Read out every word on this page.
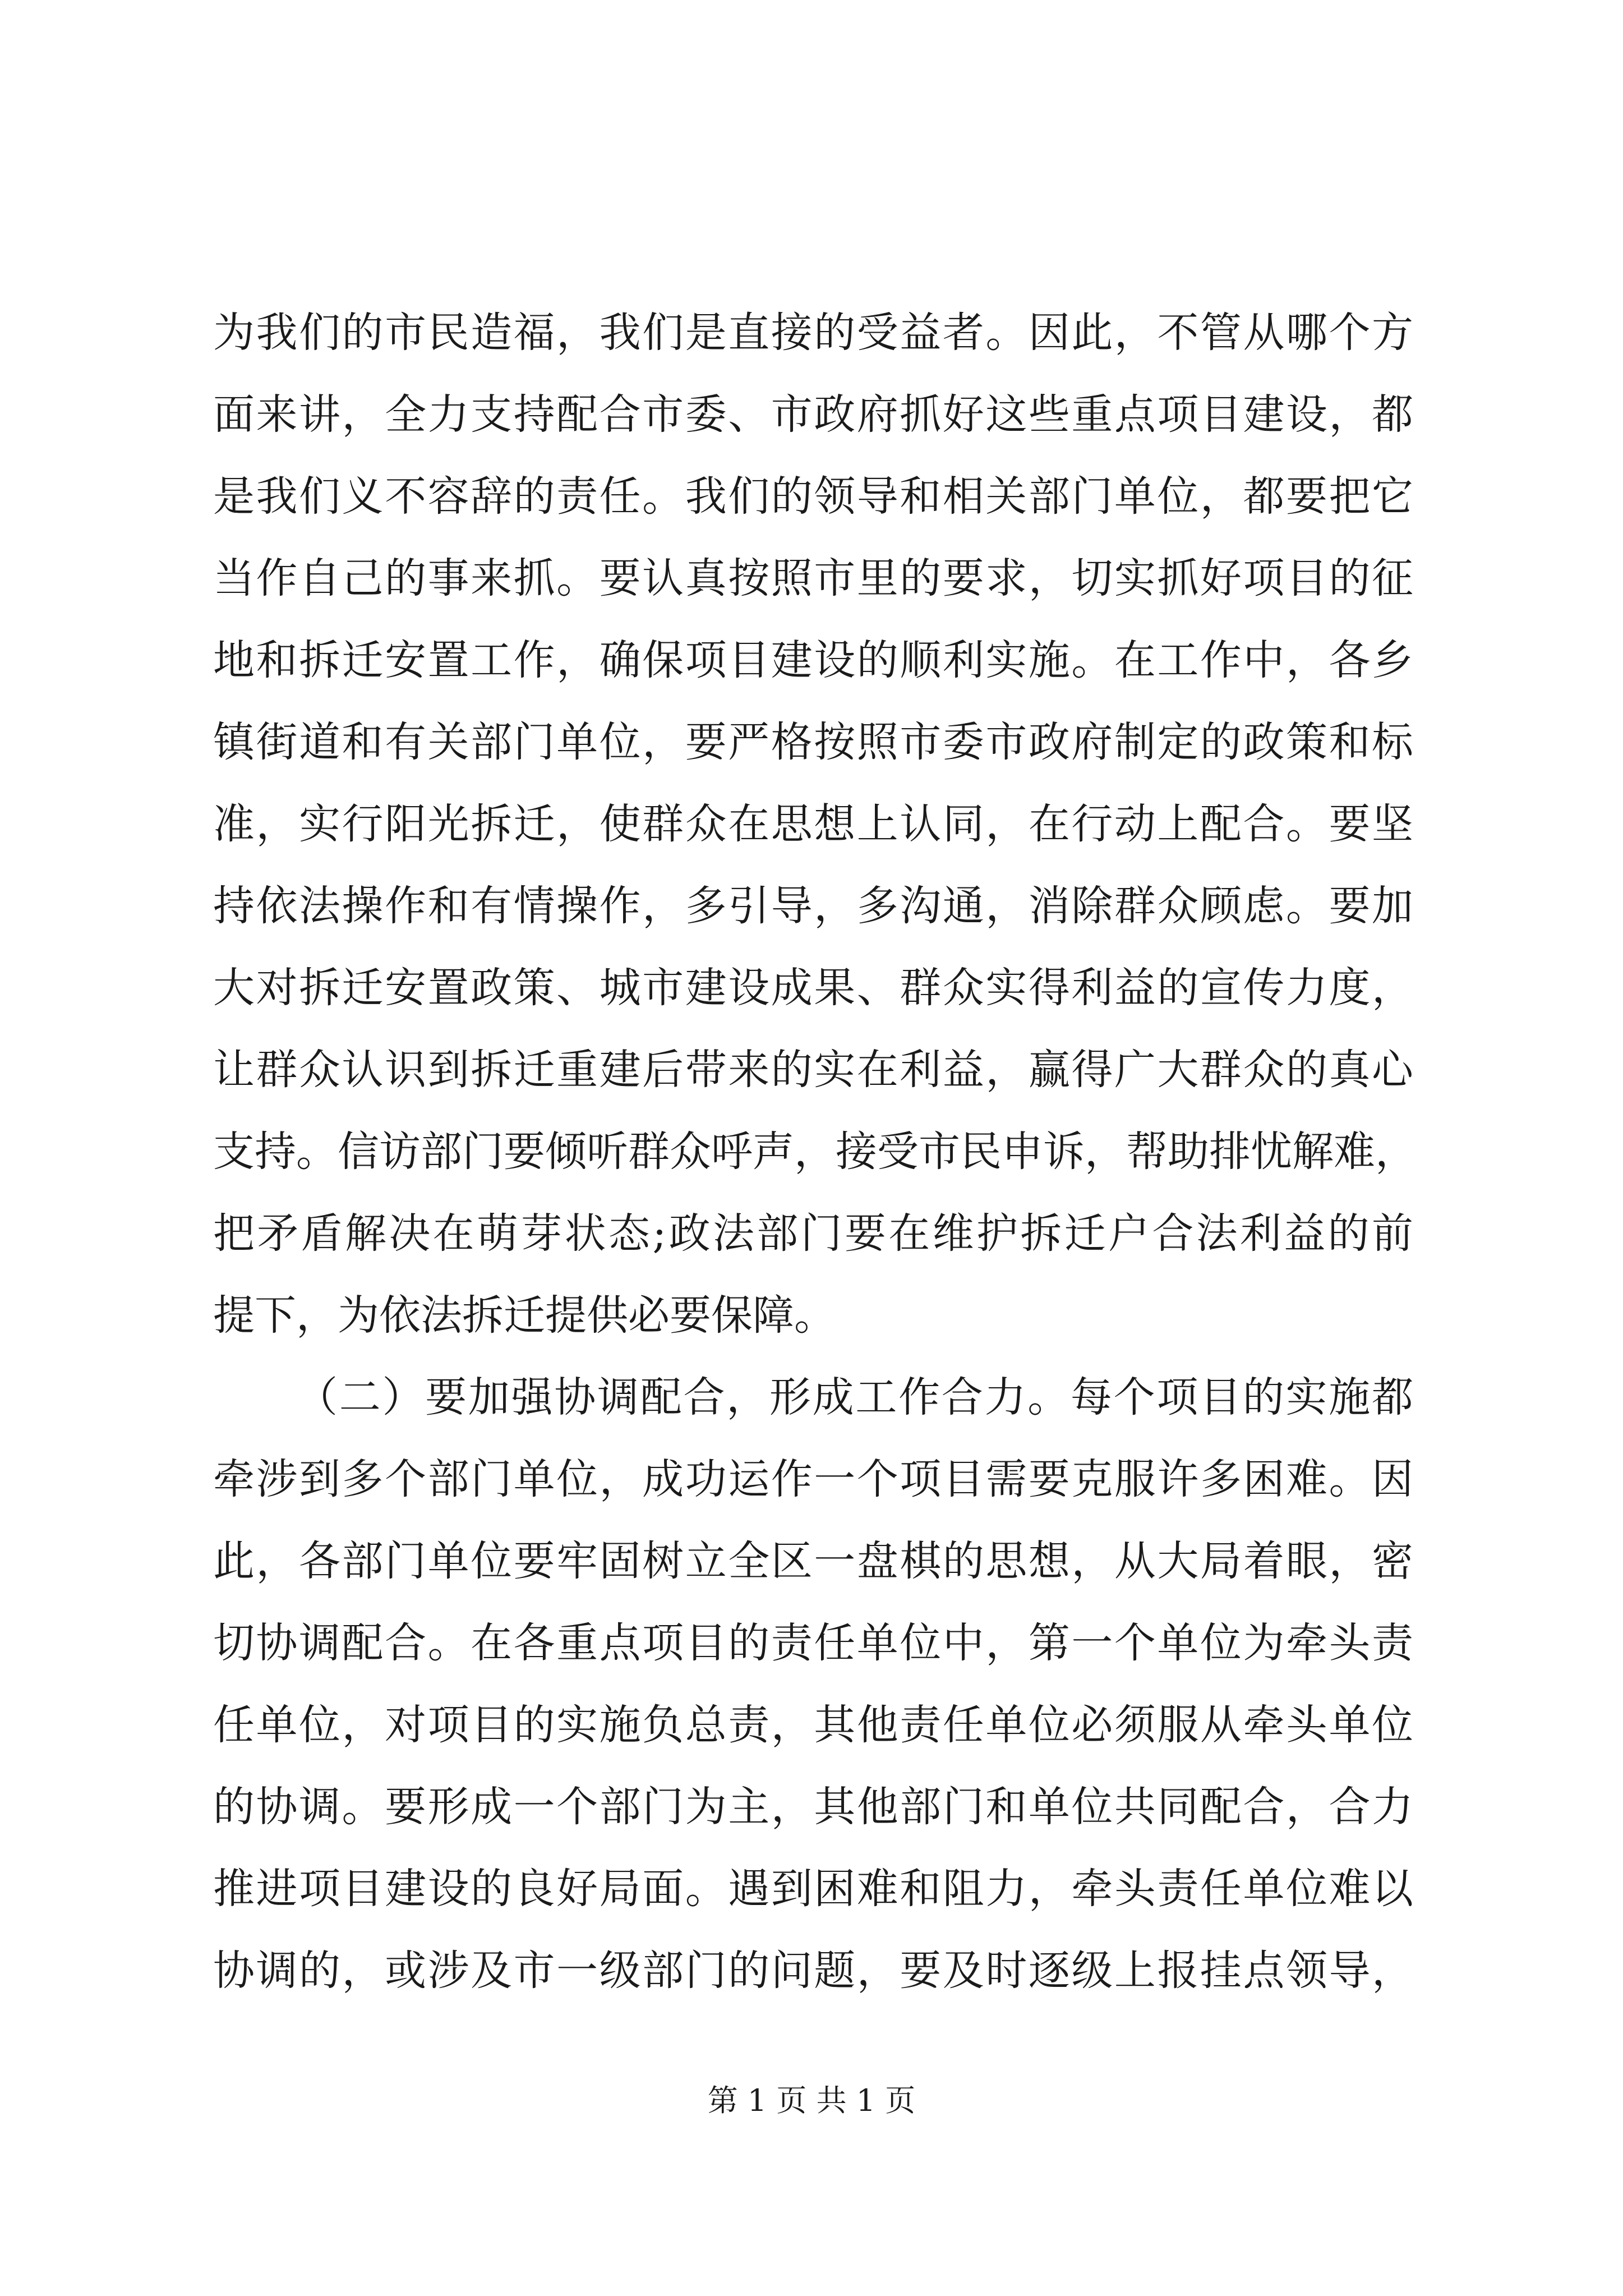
为我们的市民造福，我们是直接的受益者。因此，不管从哪个方
面来讲，全力支持配合市委、市政府抓好这些重点项目建设，都
是我们义不容辞的责任。我们的领导和相关部门单位，都要把它
当作自己的事来抓。要认真按照市里的要求，切实抓好项目的征
地和拆迁安置工作，确保项目建设的顺利实施。在工作中，各乡
镇街道和有关部门单位，要严格按照市委市政府制定的政策和标
准，实行阳光拆迁，使群众在思想上认同，在行动上配合。要坚
持依法操作和有情操作，多引导，多沟通，消除群众顾虑。要加
大对拆迁安置政策、城市建设成果、群众实得利益的宣传力度，
让群众认识到拆迁重建后带来的实在利益，赢得广大群众的真心
支持。信访部门要倾听群众呼声，接受市民申诉，帮助排忧解难，
把矛盾解决在萌芽状态;政法部门要在维护拆迁户合法利益的前
提下，为依法拆迁提供必要保障。
（二）要加强协调配合，形成工作合力。每个项目的实施都
牵涉到多个部门单位，成功运作一个项目需要克服许多困难。因
此，各部门单位要牢固树立全区一盘棋的思想，从大局着眼，密
切协调配合。在各重点项目的责任单位中，第一个单位为牵头责
任单位，对项目的实施负总责，其他责任单位必须服从牵头单位
的协调。要形成一个部门为主，其他部门和单位共同配合，合力
推进项目建设的良好局面。遇到困难和阻力，牵头责任单位难以
协调的，或涉及市一级部门的问题，要及时逐级上报挂点领导，
第 1 页 共 1 页
